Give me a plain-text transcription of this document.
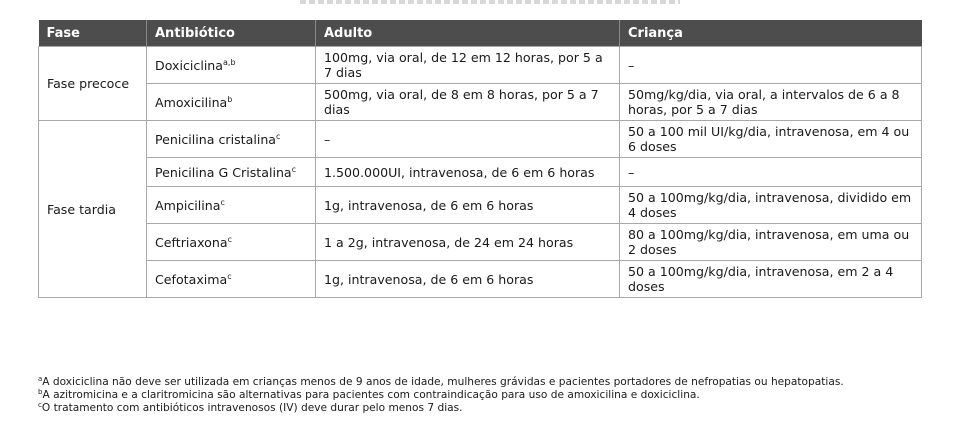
Fase	Antibiótico	Adulto	Criança
Fase precoce	Doxiciclina$^{a,b}$	100mg, via oral, de 12 em 12 horas, por 5 a 7 dias	–
	Amoxicilina$^b$	500mg, via oral, de 8 em 8 horas, por 5 a 7 dias	50mg/kg/dia, via oral, a intervalos de 6 a 8 horas, por 5 a 7 dias
Fase tardia	Penicilina cristalina$^c$	–	50 a 100 mil UI/kg/dia, intravenosa, em 4 ou 6 doses
	Penicilina G Cristalina$^c$	1.500.000UI, intravenosa, de 6 em 6 horas	–
	Ampicilina$^c$	1g, intravenosa, de 6 em 6 horas	50 a 100mg/kg/dia, intravenosa, dividido em 4 doses
	Ceftriaxona$^c$	1 a 2g, intravenosa, de 24 em 24 horas	80 a 100mg/kg/dia, intravenosa, em uma ou 2 doses
	Cefotaxima$^c$	1g, intravenosa, de 6 em 6 horas	50 a 100mg/kg/dia, intravenosa, em 2 a 4 doses
$^a$A doxiciclina não deve ser utilizada em crianças menos de 9 anos de idade, mulheres grávidas e pacientes portadores de nefropatias ou hepatopatias.
$^b$A azitromicina e a claritromicina são alternativas para pacientes com contraindicação para uso de amoxicilina e doxiciclina.
$^c$O tratamento com antibióticos intravenosos (IV) deve durar pelo menos 7 dias.
